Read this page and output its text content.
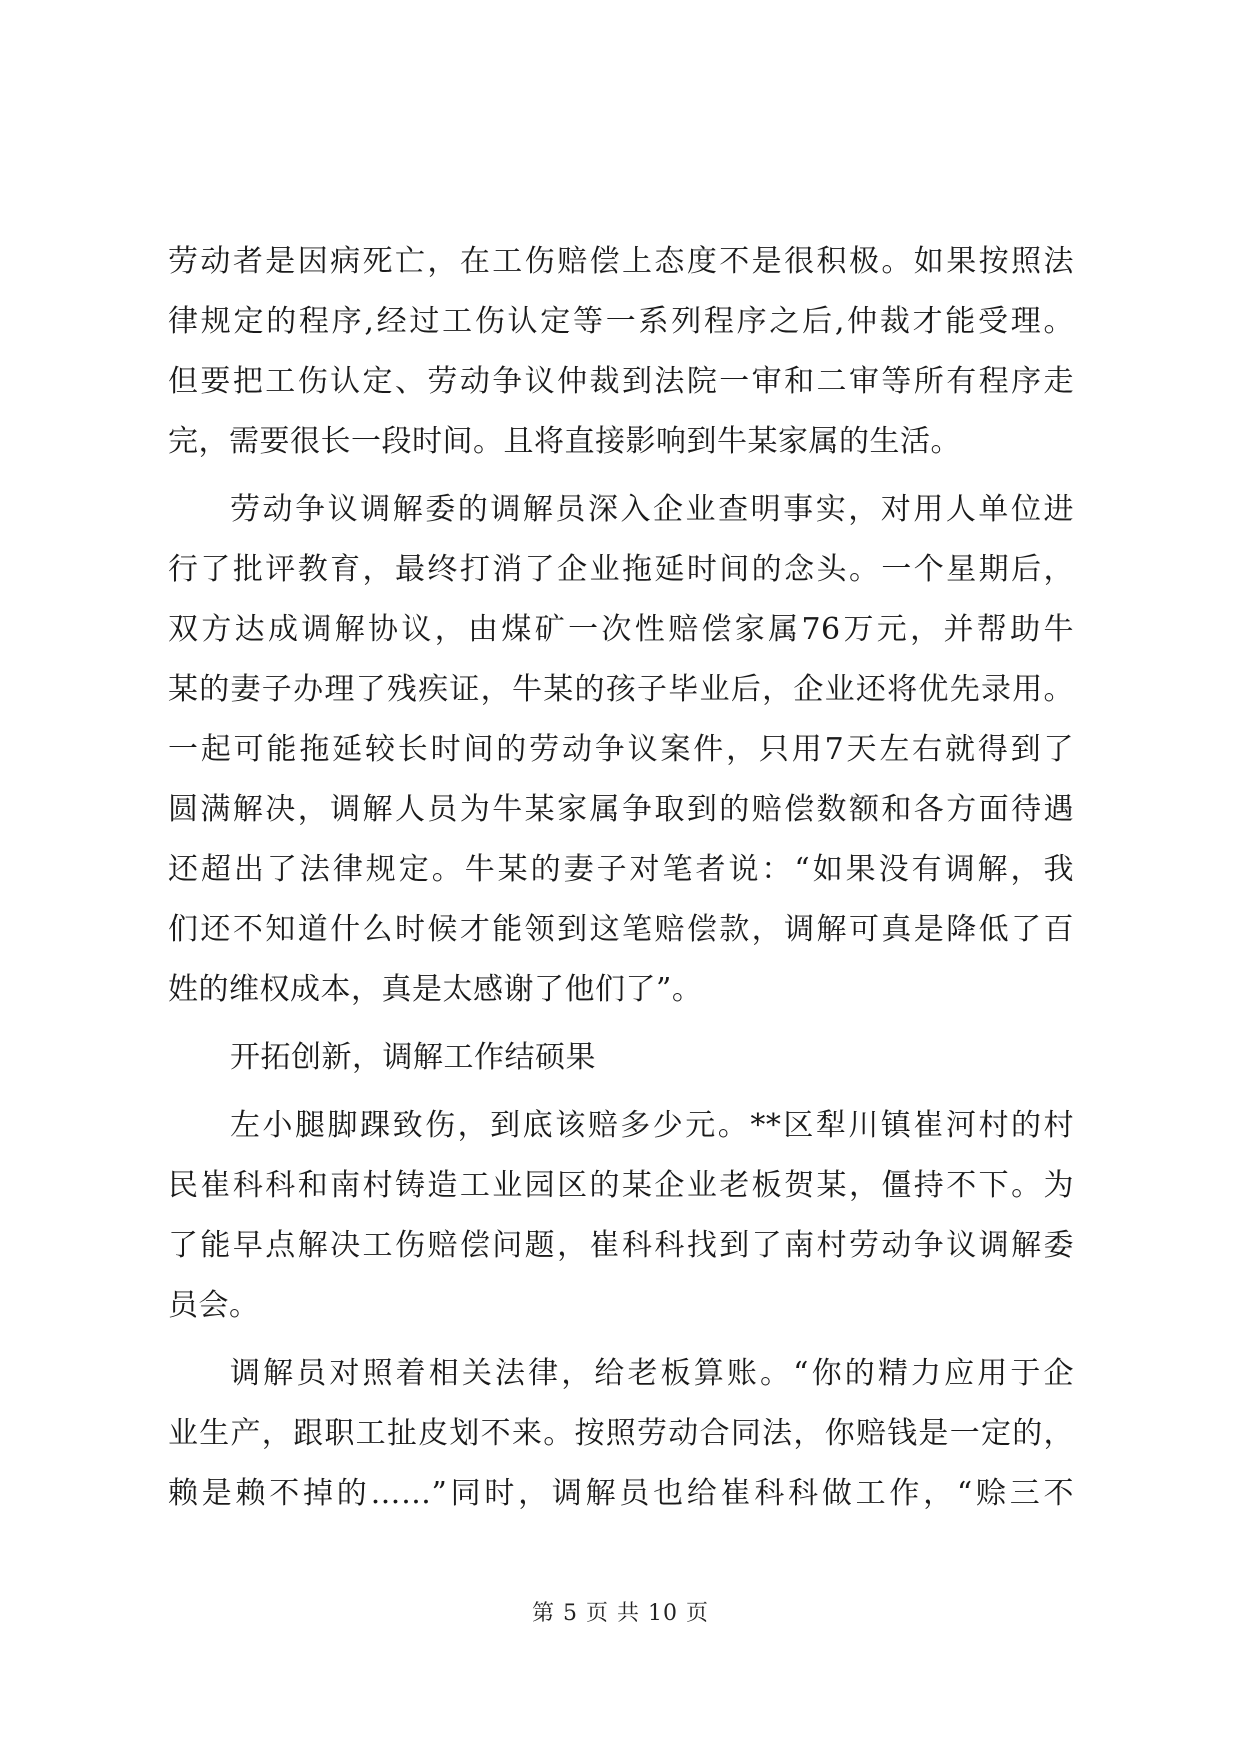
劳动者是因病死亡，在工伤赔偿上态度不是很积极。如果按照法
律规定的程序,经过工伤认定等一系列程序之后,仲裁才能受理。
但要把工伤认定、劳动争议仲裁到法院一审和二审等所有程序走
完，需要很长一段时间。且将直接影响到牛某家属的生活。
劳动争议调解委的调解员深入企业查明事实，对用人单位进
行了批评教育，最终打消了企业拖延时间的念头。一个星期后，
双方达成调解协议，由煤矿一次性赔偿家属76万元，并帮助牛
某的妻子办理了残疾证，牛某的孩子毕业后，企业还将优先录用。
一起可能拖延较长时间的劳动争议案件，只用7天左右就得到了
圆满解决，调解人员为牛某家属争取到的赔偿数额和各方面待遇
还超出了法律规定。牛某的妻子对笔者说：“如果没有调解，我
们还不知道什么时候才能领到这笔赔偿款，调解可真是降低了百
姓的维权成本，真是太感谢了他们了”。
开拓创新，调解工作结硕果
左小腿脚踝致伤，到底该赔多少元。**区犁川镇崔河村的村
民崔科科和南村铸造工业园区的某企业老板贺某，僵持不下。为
了能早点解决工伤赔偿问题，崔科科找到了南村劳动争议调解委
员会。
调解员对照着相关法律，给老板算账。“你的精力应用于企
业生产，跟职工扯皮划不来。按照劳动合同法，你赔钱是一定的，
赖是赖不掉的……”同时，调解员也给崔科科做工作，“赊三不
第 5 页 共 10 页
